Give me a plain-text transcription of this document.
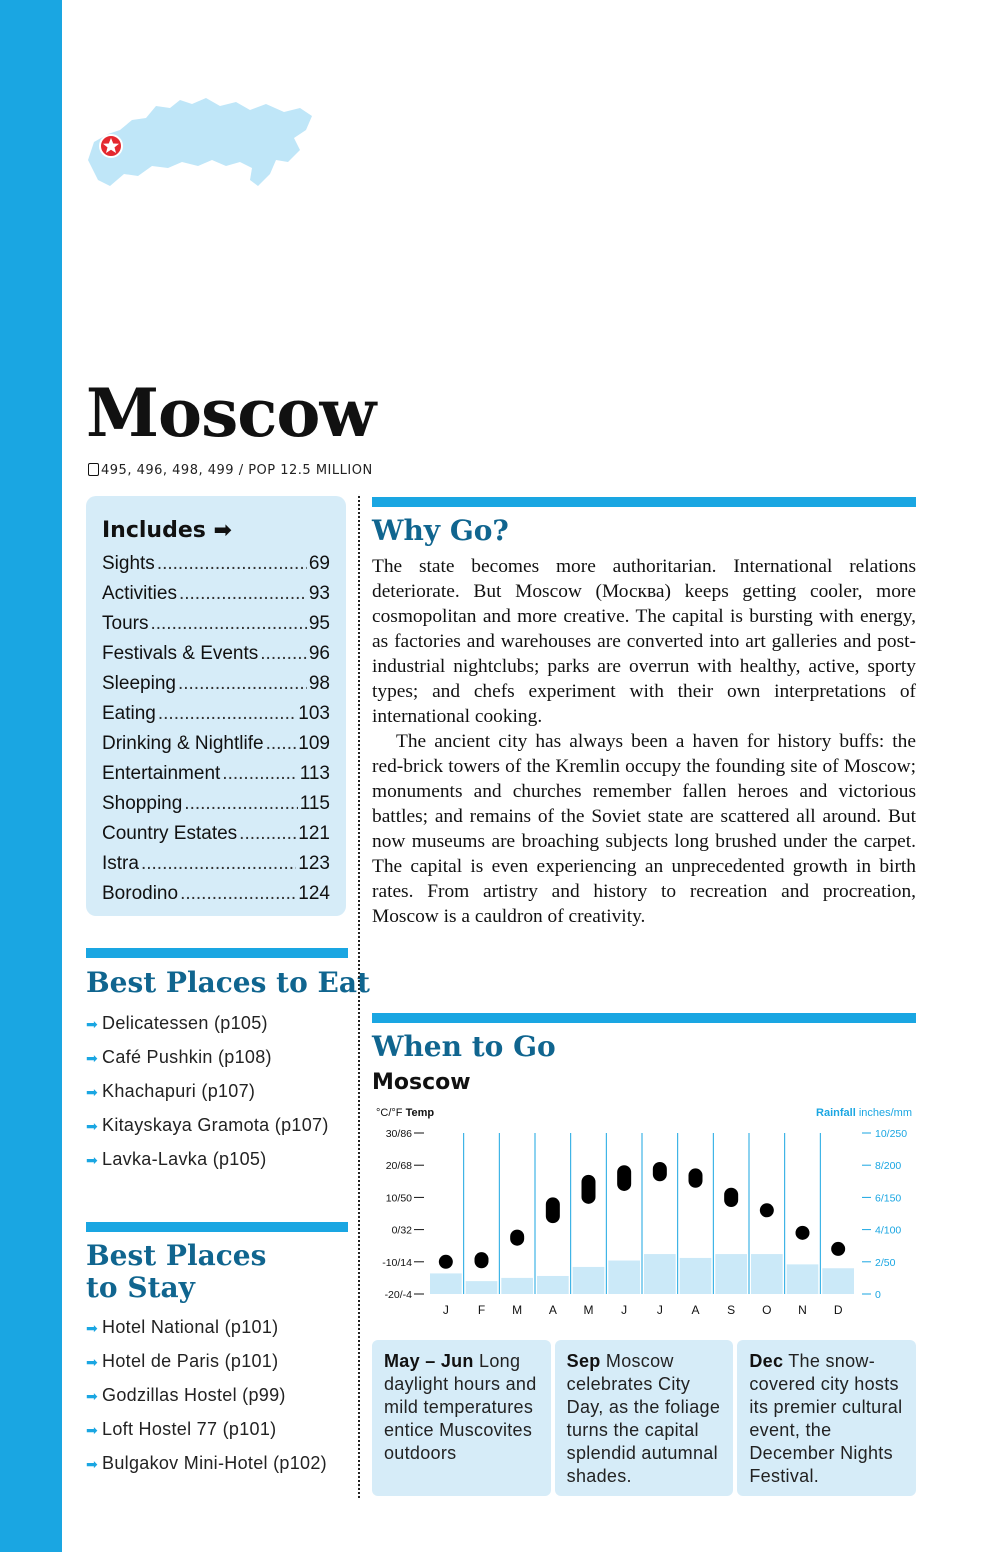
Moscow
495, 496, 498, 499 / POP 12.5 MILLION
Includes ➡
Sights .....	69
Activities .....	93
Tours .....	95
Festivals & Events .....	96
Sleeping .....	98
Eating .....	103
Drinking & Nightlife ..... 109
Entertainment .....	113
Shopping .....	115
Country Estates .....	121
Istra .....	123
Borodino .....	124
Best Places to Eat
➡ Delicatessen (p105)
➡ Café Pushkin (p108)
➡ Khachapuri (p107)
➡ Kitayskaya Gramota (p107)
➡ Lavka-Lavka (p105)
Best Places
to Stay
➡ Hotel National (p101)
➡ Hotel de Paris (p101)
➡ Godzillas Hostel (p99)
➡ Loft Hostel 77 (p101)
➡ Bulgakov Mini-Hotel (p102)
Why Go?

The state becomes more authoritarian. International relations deteriorate. But Moscow (Москва) keeps getting cooler, more cosmopolitan and more creative. The capital is bursting with energy, as factories and warehouses are converted into art galleries and post-industrial nightclubs; parks are overrun with healthy, active, sporty types; and chefs experiment with their own interpretations of international cooking.

The ancient city has always been a haven for history buffs: the red-brick towers of the Kremlin occupy the founding site of Moscow; monuments and churches remember fallen heroes and victorious battles; and remains of the Soviet state are scattered all around. But now museums are broaching subjects long brushed under the carpet. The capital is even experiencing an unprecedented growth in birth rates. From artistry and history to recreation and procreation, Moscow is a cauldron of creativity.

When to Go
Moscow
°C/°F Temp	Rainfall inches/mm
30/86
20/68
10/50
0/32
-10/14
-20/-4
10/250
8/200
6/150
4/100
2/50
0
J F M A M J J A S O N D
May – Jun Long daylight hours and mild temperatures entice Muscovites outdoors
Sep Moscow celebrates City Day, as the foliage turns the capital splendid autumnal shades.
Dec The snow-covered city hosts its premier cultural event, the December Nights Festival.
